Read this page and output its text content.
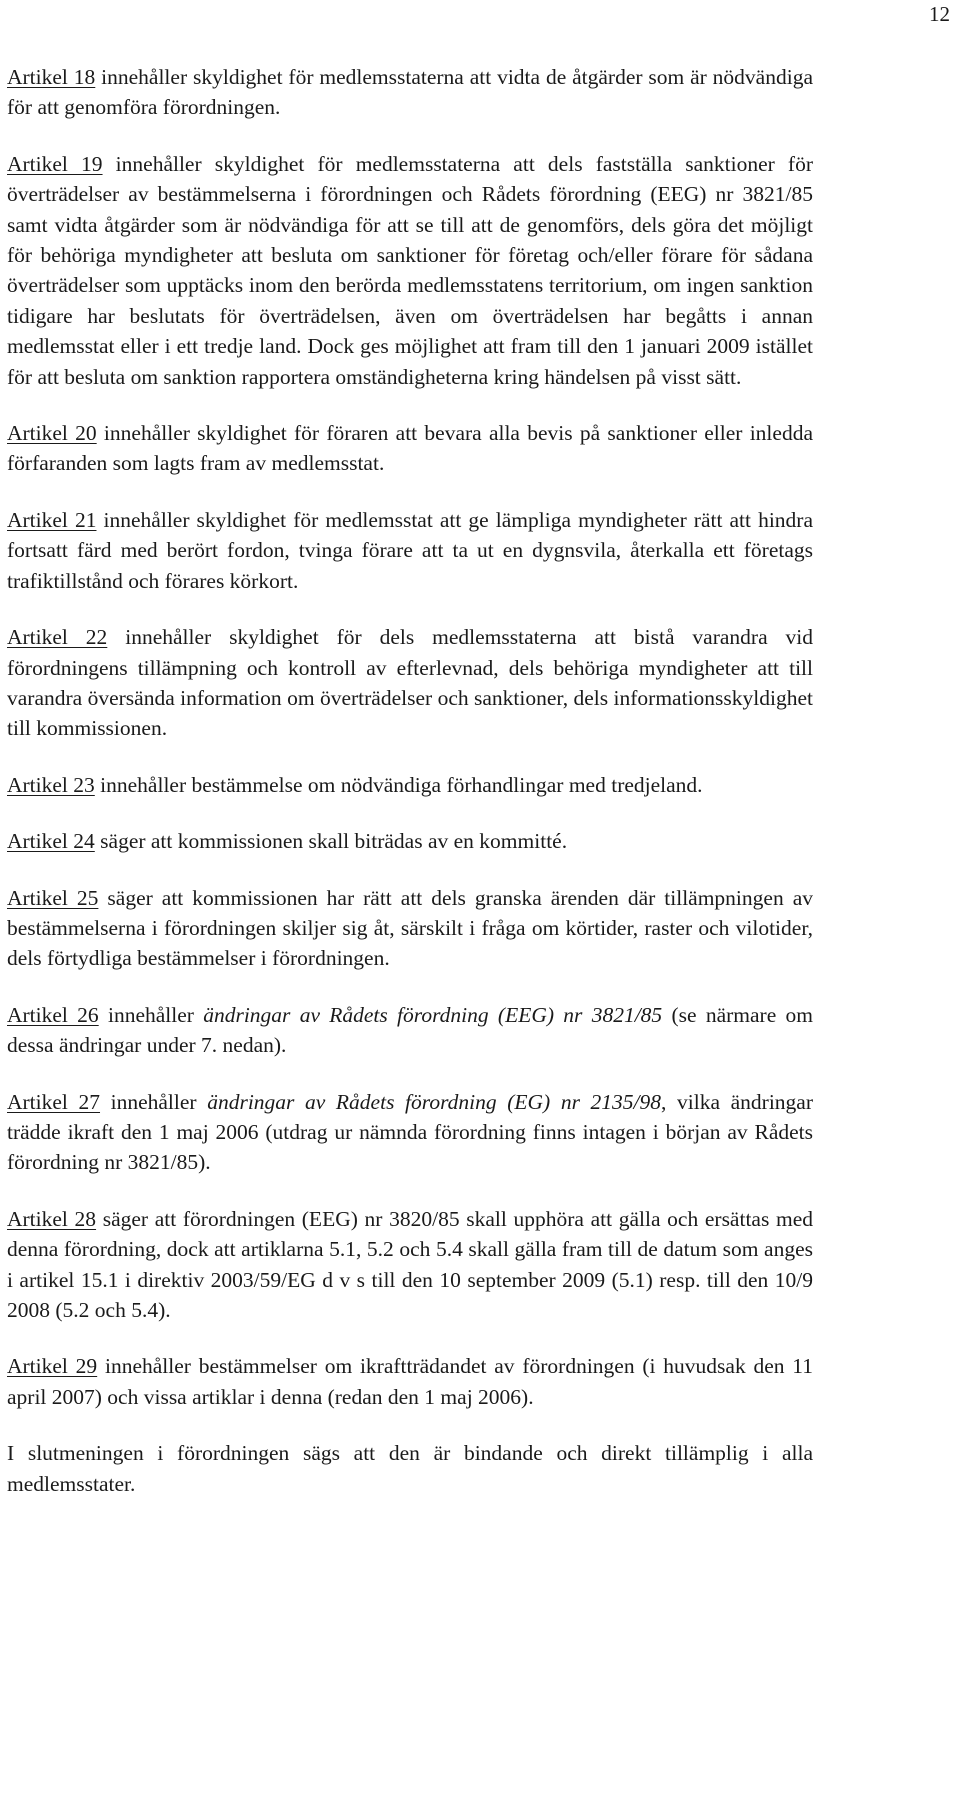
12

Artikel 18 innehåller skyldighet för medlemsstaterna att vidta de åtgärder som är nödvändiga för att genomföra förordningen.

Artikel 19 innehåller skyldighet för medlemsstaterna att dels fastställa sanktioner för överträdelser av bestämmelserna i förordningen och Rådets förordning (EEG) nr 3821/85 samt vidta åtgärder som är nödvändiga för att se till att de genomförs, dels göra det möjligt för behöriga myndigheter att besluta om sanktioner för företag och/eller förare för sådana överträdelser som upptäcks inom den berörda medlemsstatens territorium, om ingen sanktion tidigare har beslutats för överträdelsen, även om överträdelsen har begåtts i annan medlemsstat eller i ett tredje land. Dock ges möjlighet att fram till den 1 januari 2009 istället för att besluta om sanktion rapportera omständigheterna kring händelsen på visst sätt.

Artikel 20 innehåller skyldighet för föraren att bevara alla bevis på sanktioner eller inledda förfaranden som lagts fram av medlemsstat.

Artikel 21 innehåller skyldighet för medlemsstat att ge lämpliga myndigheter rätt att hindra fortsatt färd med berört fordon, tvinga förare att ta ut en dygnsvila, återkalla ett företags trafiktillstånd och förares körkort.

Artikel 22 innehåller skyldighet för dels medlemsstaterna att bistå varandra vid förordningens tillämpning och kontroll av efterlevnad, dels behöriga myndigheter att till varandra översända information om överträdelser och sanktioner, dels informationsskyldighet till kommissionen.

Artikel 23 innehåller bestämmelse om nödvändiga förhandlingar med tredjeland.

Artikel 24 säger att kommissionen skall biträdas av en kommitté.

Artikel 25 säger att kommissionen har rätt att dels granska ärenden där tillämpningen av bestämmelserna i förordningen skiljer sig åt, särskilt i fråga om körtider, raster och vilotider, dels förtydliga bestämmelser i förordningen.

Artikel 26 innehåller ändringar av Rådets förordning (EEG) nr 3821/85 (se närmare om dessa ändringar under 7. nedan).

Artikel 27 innehåller ändringar av Rådets förordning (EG) nr 2135/98, vilka ändringar trädde ikraft den 1 maj 2006 (utdrag ur nämnda förordning finns intagen i början av Rådets förordning nr 3821/85).

Artikel 28 säger att förordningen (EEG) nr 3820/85 skall upphöra att gälla och ersättas med denna förordning, dock att artiklarna 5.1, 5.2 och 5.4 skall gälla fram till de datum som anges i artikel 15.1 i direktiv 2003/59/EG d v s till den 10 september 2009 (5.1) resp. till den 10/9 2008 (5.2 och 5.4).

Artikel 29 innehåller bestämmelser om ikraftträdandet av förordningen (i huvudsak den 11 april 2007) och vissa artiklar i denna (redan den 1 maj 2006).

I slutmeningen i förordningen sägs att den är bindande och direkt tillämplig i alla medlemsstater.
